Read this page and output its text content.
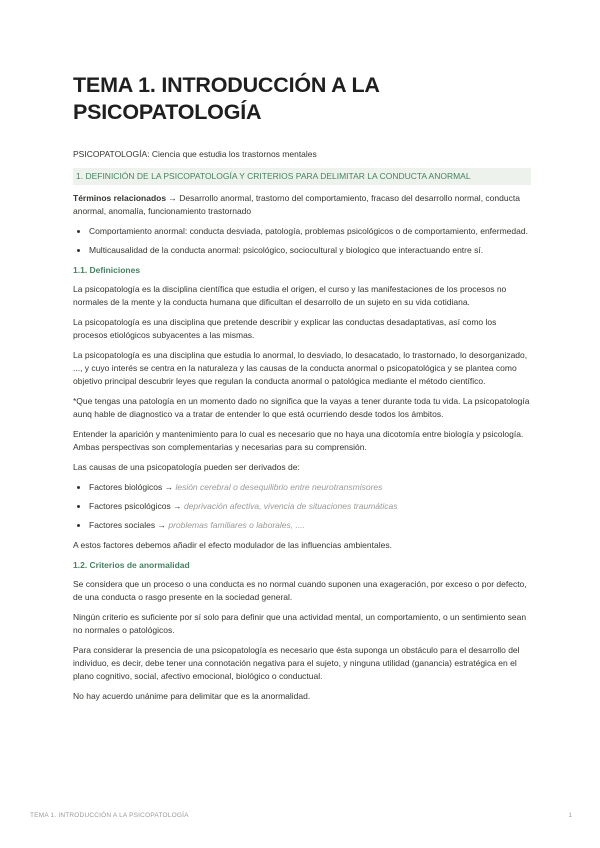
TEMA 1. INTRODUCCIÓN A LA PSICOPATOLOGÍA

PSICOPATOLOGÍA: Ciencia que estudia los trastornos mentales

1. DEFINICIÓN DE LA PSICOPATOLOGÍA Y CRITERIOS PARA DELIMITAR LA CONDUCTA ANORMAL

Términos relacionados → Desarrollo anormal, trastorno del comportamiento, fracaso del desarrollo normal, conducta anormal, anomalía, funcionamiento trastornado

• Comportamiento anormal: conducta desviada, patología, problemas psicológicos o de comportamiento, enfermedad.
• Multicausalidad de la conducta anormal: psicológico, sociocultural y biologico que interactuando entre sí.
1.1. Definiciones

La psicopatología es la disciplina científica que estudia el origen, el curso y las manifestaciones de los procesos no normales de la mente y la conducta humana que dificultan el desarrollo de un sujeto en su vida cotidiana.

La psicopatología es una disciplina que pretende describir y explicar las conductas desadaptativas, así como los procesos etiológicos subyacentes a las mismas.

La psicopatología es una disciplina que estudia lo anormal, lo desviado, lo desacatado, lo trastornado, lo desorganizado, ..., y cuyo interés se centra en la naturaleza y las causas de la conducta anormal o psicopatológica y se plantea como objetivo principal descubrir leyes que regulan la conducta anormal o patológica mediante el método científico.

*Que tengas una patología en un momento dado no significa que la vayas a tener durante toda tu vida. La psicopatología aunq hable de diagnostico va a tratar de entender lo que está ocurriendo desde todos los ámbitos.

Entender la aparición y mantenimiento para lo cual es necesario que no haya una dicotomía entre biología y psicología. Ambas perspectivas son complementarias y necesarias para su comprensión.

Las causas de una psicopatología pueden ser derivados de:

• Factores biológicos → lesión cerebral o desequilibrio entre neurotransmisores
• Factores psicológicos → deprivación afectiva, vivencia de situaciones traumáticas
• Factores sociales → problemas familiares o laborales, ....

A estos factores debemos añadir el efecto modulador de las influencias ambientales.

1.2. Criterios de anormalidad

Se considera que un proceso o una conducta es no normal cuando suponen una exageración, por exceso o por defecto, de una conducta o rasgo presente en la sociedad general.

Ningún criterio es suficiente por sí solo para definir que una actividad mental, un comportamiento, o un sentimiento sean no normales o patológicos.

Para considerar la presencia de una psicopatología es necesario que ésta suponga un obstáculo para el desarrollo del individuo, es decir, debe tener una connotación negativa para el sujeto, y ninguna utilidad (ganancia) estratégica en el plano cognitivo, social, afectivo emocional, biológico o conductual.

No hay acuerdo unánime para delimitar que es la anormalidad.

TEMA 1. INTRODUCCIÓN A LA PSICOPATOLOGÍA	1
